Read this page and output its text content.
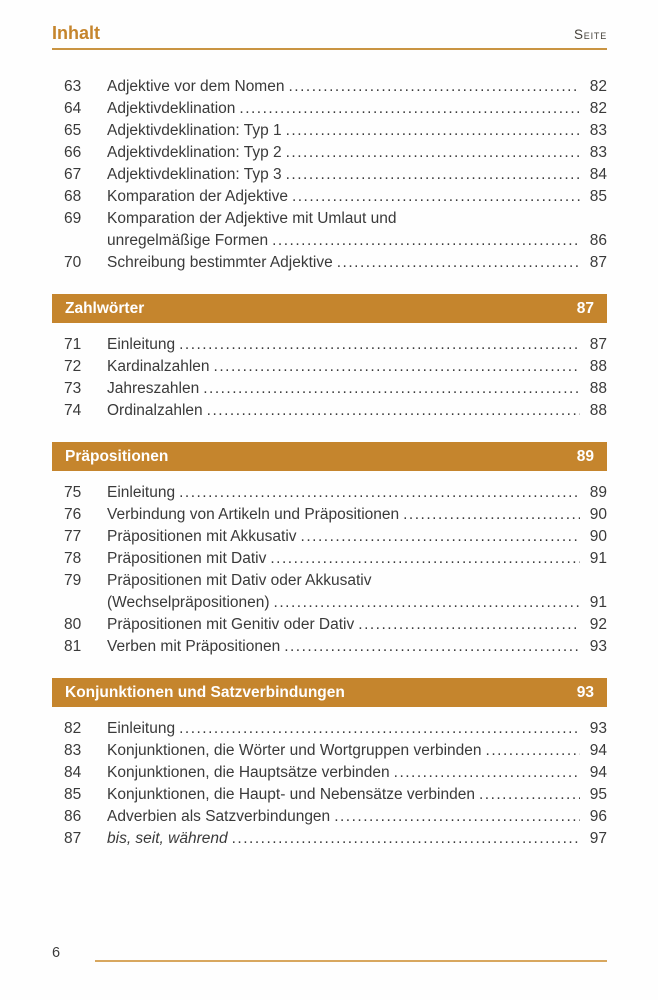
Inhalt	Seite
63	Adjektive vor dem Nomen .....	82
64	Adjektivdeklination .....	82
65	Adjektivdeklination: Typ 1 .....	83
66	Adjektivdeklination: Typ 2 .....	83
67	Adjektivdeklination: Typ 3 .....	84
68	Komparation der Adjektive .....	85
69	Komparation der Adjektive mit Umlaut und
unregelmäßige Formen .....	86
70	Schreibung bestimmter Adjektive .....	87
Zahlwörter	87
71	Einleitung .....	87
72	Kardinalzahlen .....	88
73	Jahreszahlen .....	88
74	Ordinalzahlen .....	88
Präpositionen	89
75	Einleitung .....	89
76	Verbindung von Artikeln und Präpositionen .....	90
77	Präpositionen mit Akkusativ .....	90
78	Präpositionen mit Dativ .....	91
79	Präpositionen mit Dativ oder Akkusativ
(Wechselpräpositionen) .....	91
80	Präpositionen mit Genitiv oder Dativ .....	92
81	Verben mit Präpositionen .....	93
Konjunktionen und Satzverbindungen	93
82	Einleitung .....	93
83	Konjunktionen, die Wörter und Wortgruppen verbinden .....	94
84	Konjunktionen, die Hauptsätze verbinden .....	94
85	Konjunktionen, die Haupt- und Nebensätze verbinden .....	95
86	Adverbien als Satzverbindungen .....	96
87	bis, seit, während .....	97
6
